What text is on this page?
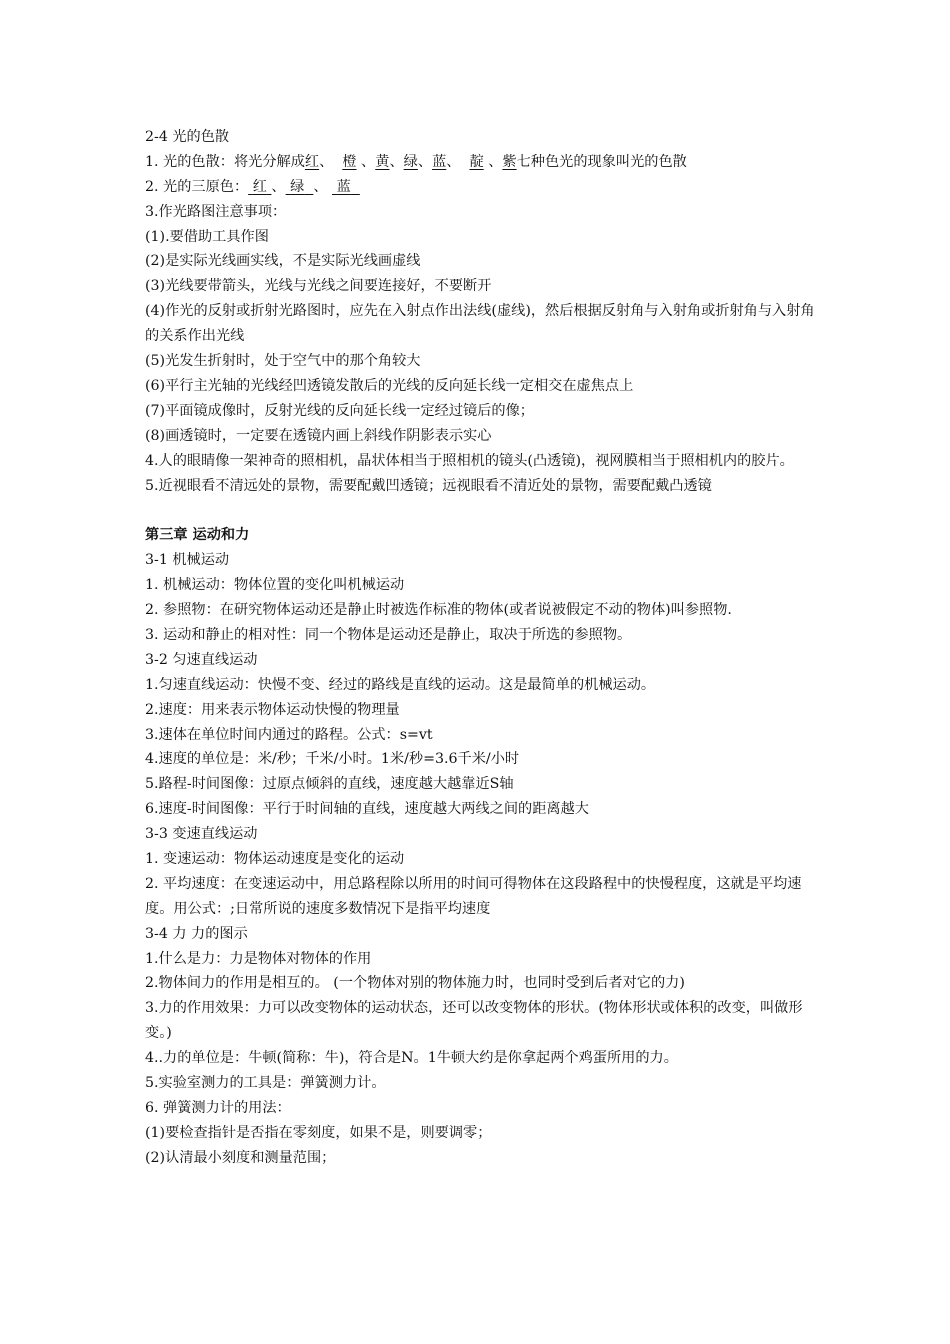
2-4 光的色散
1. 光的色散：将光分解成红、  橙 、黄、绿、蓝、  靛 、紫七种色光的现象叫光的色散
2. 光的三原色： 红 、 绿 、  蓝
3.作光路图注意事项：
(1).要借助工具作图
(2)是实际光线画实线，不是实际光线画虚线
(3)光线要带箭头，光线与光线之间要连接好，不要断开
(4)作光的反射或折射光路图时，应先在入射点作出法线(虚线)，然后根据反射角与入射角或折射角与入射角的关系作出光线
(5)光发生折射时，处于空气中的那个角较大
(6)平行主光轴的光线经凹透镜发散后的光线的反向延长线一定相交在虚焦点上
(7)平面镜成像时，反射光线的反向延长线一定经过镜后的像；
(8)画透镜时，一定要在透镜内画上斜线作阴影表示实心
4.人的眼睛像一架神奇的照相机，晶状体相当于照相机的镜头(凸透镜)，视网膜相当于照相机内的胶片。
5.近视眼看不清远处的景物，需要配戴凹透镜；远视眼看不清近处的景物，需要配戴凸透镜
第三章 运动和力
3-1 机械运动
1. 机械运动：物体位置的变化叫机械运动
2. 参照物：在研究物体运动还是静止时被选作标准的物体(或者说被假定不动的物体)叫参照物.
3. 运动和静止的相对性：同一个物体是运动还是静止，取决于所选的参照物。
3-2 匀速直线运动
1.匀速直线运动：快慢不变、经过的路线是直线的运动。这是最简单的机械运动。
2.速度：用来表示物体运动快慢的物理量
3.速体在单位时间内通过的路程。公式：s=vt
4.速度的单位是：米/秒；千米/小时。1米/秒=3.6千米/小时
5.路程-时间图像：过原点倾斜的直线，速度越大越靠近S轴
6.速度-时间图像：平行于时间轴的直线，速度越大两线之间的距离越大
3-3 变速直线运动
1. 变速运动：物体运动速度是变化的运动
2. 平均速度：在变速运动中，用总路程除以所用的时间可得物体在这段路程中的快慢程度，这就是平均速度。用公式：;日常所说的速度多数情况下是指平均速度
3-4 力 力的图示
1.什么是力：力是物体对物体的作用
2.物体间力的作用是相互的。 (一个物体对别的物体施力时，也同时受到后者对它的力)
3.力的作用效果：力可以改变物体的运动状态，还可以改变物体的形状。(物体形状或体积的改变，叫做形变。)
4..力的单位是：牛顿(简称：牛)，符合是N。1牛顿大约是你拿起两个鸡蛋所用的力。
5.实验室测力的工具是：弹簧测力计。
6. 弹簧测力计的用法：
(1)要检查指针是否指在零刻度，如果不是，则要调零；
(2)认清最小刻度和测量范围；
